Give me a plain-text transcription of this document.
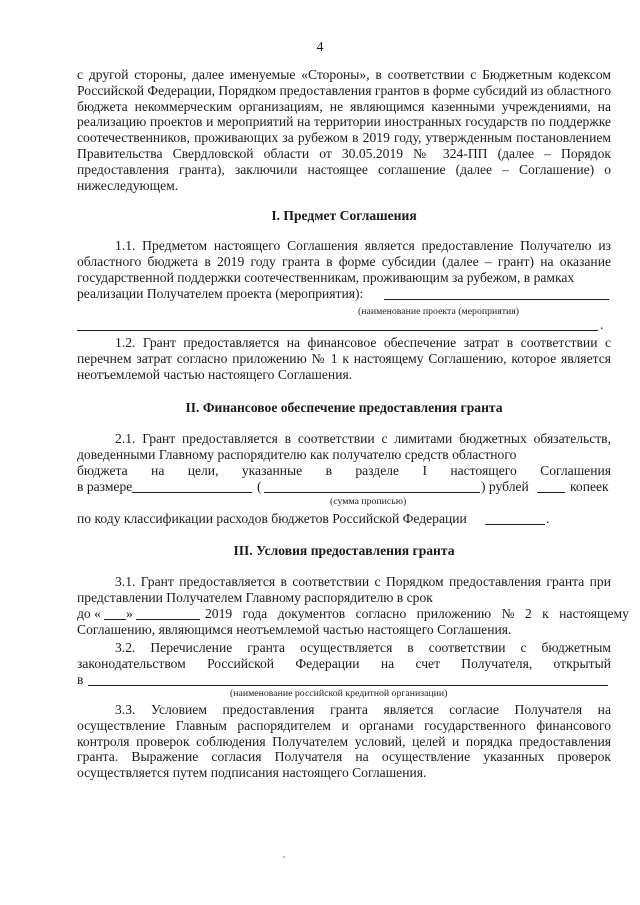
4
с другой стороны, далее именуемые «Стороны», в соответствии с Бюджетным кодексом Российской Федерации, Порядком предоставления грантов в форме субсидий из областного бюджета некоммерческим организациям, не являющимся казенными учреждениями, на реализацию проектов и мероприятий на территории иностранных государств по поддержке соотечественников, проживающих за рубежом в 2019 году, утвержденным постановлением Правительства Свердловской области от 30.05.2019 № 324-ПП (далее – Порядок предоставления гранта), заключили настоящее соглашение (далее – Соглашение) о нижеследующем.
I. Предмет Соглашения
1.1. Предметом настоящего Соглашения является предоставление Получателю из областного бюджета в 2019 году гранта в форме субсидии (далее – грант) на оказание государственной поддержки соотечественникам, проживающим за рубежом, в рамках
реализации Получателем проекта (мероприятия):
(наименование проекта (мероприятия)
.
1.2. Грант предоставляется на финансовое обеспечение затрат в соответствии с перечнем затрат согласно приложению № 1 к настоящему Соглашению, которое является неотъемлемой частью настоящего Соглашения.
II. Финансовое обеспечение предоставления гранта
2.1. Грант предоставляется в соответствии с лимитами бюджетных обязательств, доведенными Главному распорядителю как получателю средств областного
бюджета на цели, указанные в разделе I настоящего Соглашения
в размере	(	) рублей	копеек
(сумма прописью)
по коду классификации расходов бюджетов Российской Федерации	.
III. Условия предоставления гранта
3.1. Грант предоставляется в соответствии с Порядком предоставления гранта при представлении Получателем Главному распорядителю в срок
до « »	2019 года документов согласно приложению № 2 к настоящему
Соглашению, являющимся неотъемлемой частью настоящего Соглашения.
3.2. Перечисление гранта осуществляется в соответствии с бюджетным
законодательством Российской Федерации на счет Получателя, открытый
в
(наименование российской кредитной организации)
3.3. Условием предоставления гранта является согласие Получателя на осуществление Главным распорядителем и органами государственного финансового контроля проверок соблюдения Получателем условий, целей и порядка предоставления гранта. Выражение согласия Получателя на осуществление указанных проверок осуществляется путем подписания настоящего Соглашения.
